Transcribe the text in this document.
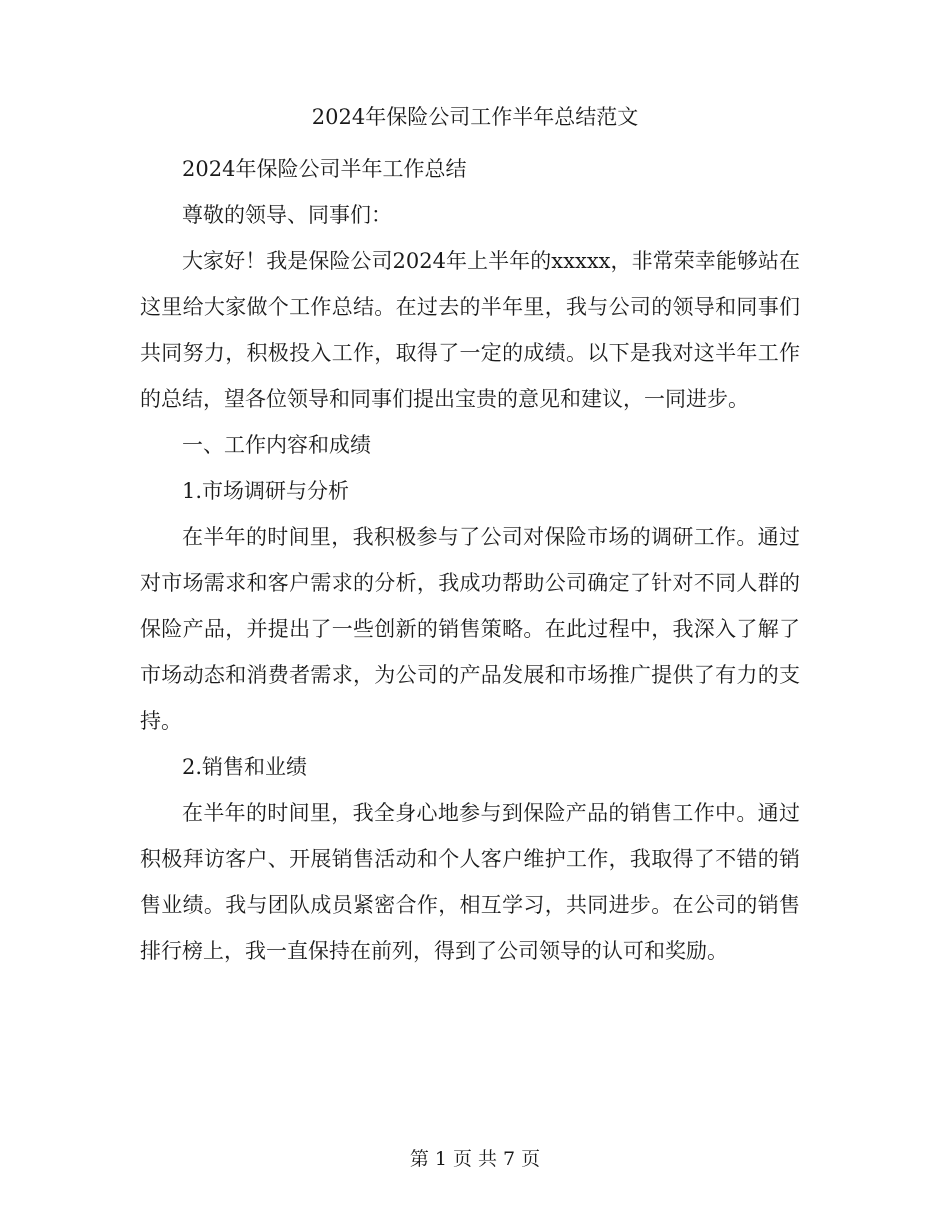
2024年保险公司工作半年总结范文

2024年保险公司半年工作总结

尊敬的领导、同事们：

大家好！我是保险公司2024年上半年的xxxxx，非常荣幸能够站在这里给大家做个工作总结。在过去的半年里，我与公司的领导和同事们共同努力，积极投入工作，取得了一定的成绩。以下是我对这半年工作的总结，望各位领导和同事们提出宝贵的意见和建议，一同进步。

一、工作内容和成绩

1.市场调研与分析

在半年的时间里，我积极参与了公司对保险市场的调研工作。通过对市场需求和客户需求的分析，我成功帮助公司确定了针对不同人群的保险产品，并提出了一些创新的销售策略。在此过程中，我深入了解了市场动态和消费者需求，为公司的产品发展和市场推广提供了有力的支持。

2.销售和业绩

在半年的时间里，我全身心地参与到保险产品的销售工作中。通过积极拜访客户、开展销售活动和个人客户维护工作，我取得了不错的销售业绩。我与团队成员紧密合作，相互学习，共同进步。在公司的销售排行榜上，我一直保持在前列，得到了公司领导的认可和奖励。

第 1 页 共 7 页
